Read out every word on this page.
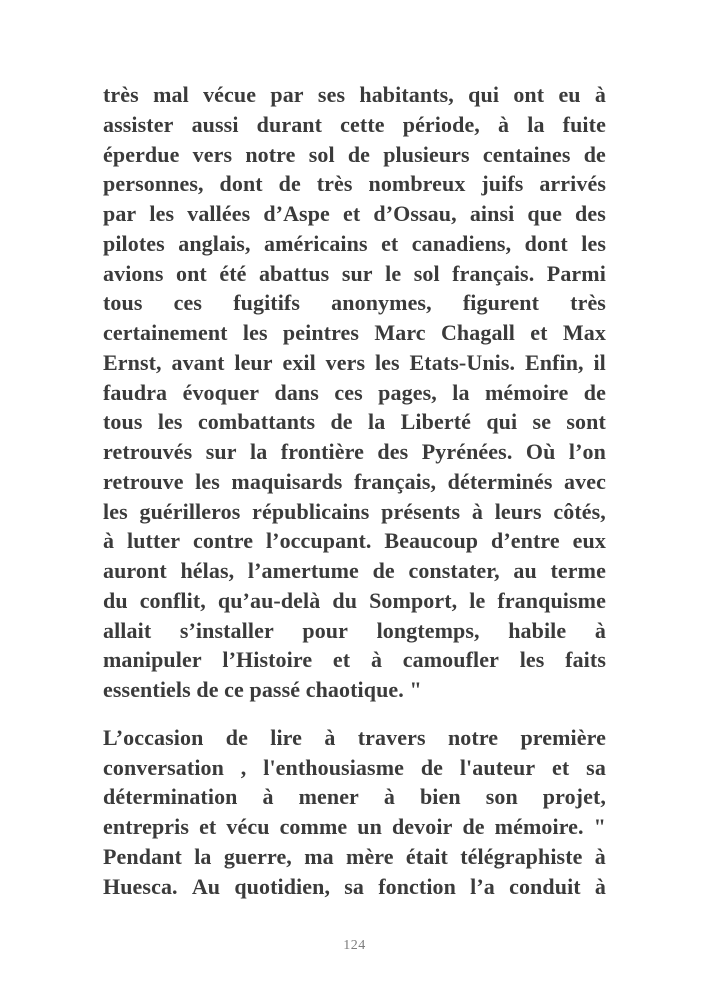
très mal vécue par ses habitants, qui ont eu à
assister aussi durant cette période, à la fuite
éperdue vers notre sol de plusieurs centaines de
personnes, dont de très nombreux juifs arrivés
par les vallées d’Aspe et d’Ossau, ainsi que des
pilotes anglais, américains et canadiens, dont les
avions ont été abattus sur le sol français. Parmi
tous ces fugitifs anonymes, figurent très
certainement les peintres Marc Chagall et Max
Ernst, avant leur exil vers les Etats-Unis. Enfin, il
faudra évoquer dans ces pages, la mémoire de
tous les combattants de la Liberté qui se sont
retrouvés sur la frontière des Pyrénées. Où l’on
retrouve les maquisards français, déterminés avec
les guérilleros républicains présents à leurs côtés,
à lutter contre l’occupant. Beaucoup d’entre eux
auront hélas, l’amertume de constater, au terme
du conflit, qu’au-delà du Somport, le franquisme
allait s’installer pour longtemps, habile à
manipuler l’Histoire et à camoufler les faits
essentiels de ce passé chaotique. "
L’occasion de lire à travers notre première
conversation , l'enthousiasme de l'auteur et sa
détermination à mener à bien son projet,
entrepris et vécu comme un devoir de mémoire. "
Pendant la guerre, ma mère était télégraphiste à
Huesca. Au quotidien, sa fonction l’a conduit à
124
